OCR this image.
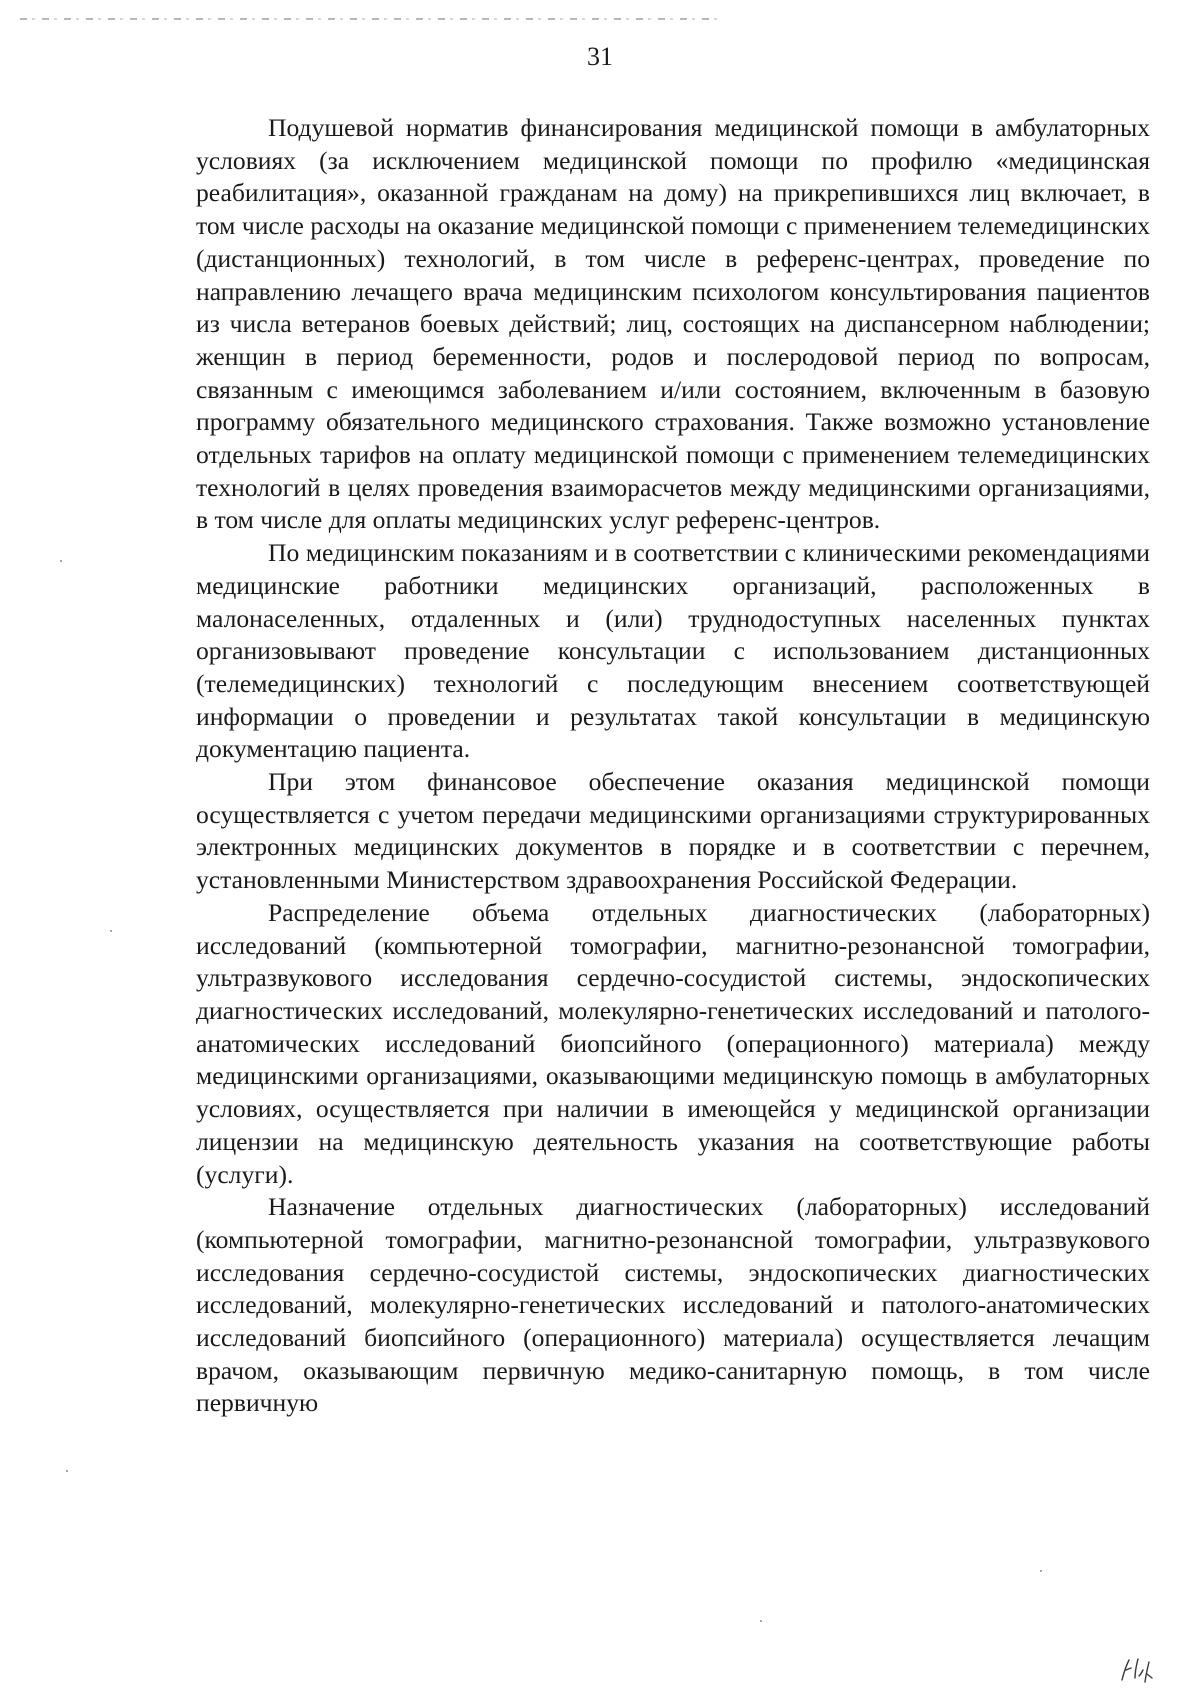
31

Подушевой норматив финансирования медицинской помощи в амбулаторных условиях (за исключением медицинской помощи по профилю «медицинская реабилитация», оказанной гражданам на дому) на прикрепившихся лиц включает, в том числе расходы на оказание медицинской помощи с применением телемедицинских (дистанционных) технологий, в том числе в референс-центрах, проведение по направлению лечащего врача медицинским психологом консультирования пациентов из числа ветеранов боевых действий; лиц, состоящих на диспансерном наблюдении; женщин в период беременности, родов и послеродовой период по вопросам, связанным с имеющимся заболеванием и/или состоянием, включенным в базовую программу обязательного медицинского страхования. Также возможно установление отдельных тарифов на оплату медицинской помощи с применением телемедицинских технологий в целях проведения взаиморасчетов между медицинскими организациями, в том числе для оплаты медицинских услуг референс-центров.

По медицинским показаниям и в соответствии с клиническими рекомендациями медицинские работники медицинских организаций, расположенных в малонаселенных, отдаленных и (или) труднодоступных населенных пунктах организовывают проведение консультации с использованием дистанционных (телемедицинских) технологий с последующим внесением соответствующей информации о проведении и результатах такой консультации в медицинскую документацию пациента.

При этом финансовое обеспечение оказания медицинской помощи осуществляется с учетом передачи медицинскими организациями структурированных электронных медицинских документов в порядке и в соответствии с перечнем, установленными Министерством здравоохранения Российской Федерации.

Распределение объема отдельных диагностических (лабораторных) исследований (компьютерной томографии, магнитно-резонансной томографии, ультразвукового исследования сердечно-сосудистой системы, эндоскопических диагностических исследований, молекулярно-генетических исследований и патолого-анатомических исследований биопсийного (операционного) материала) между медицинскими организациями, оказывающими медицинскую помощь в амбулаторных условиях, осуществляется при наличии в имеющейся у медицинской организации лицензии на медицинскую деятельность указания на соответствующие работы (услуги).

Назначение отдельных диагностических (лабораторных) исследований (компьютерной томографии, магнитно-резонансной томографии, ультразвукового исследования сердечно-сосудистой системы, эндоскопических диагностических исследований, молекулярно-генетических исследований и патолого-анатомических исследований биопсийного (операционного) материала) осуществляется лечащим врачом, оказывающим первичную медико-санитарную помощь, в том числе первичную
